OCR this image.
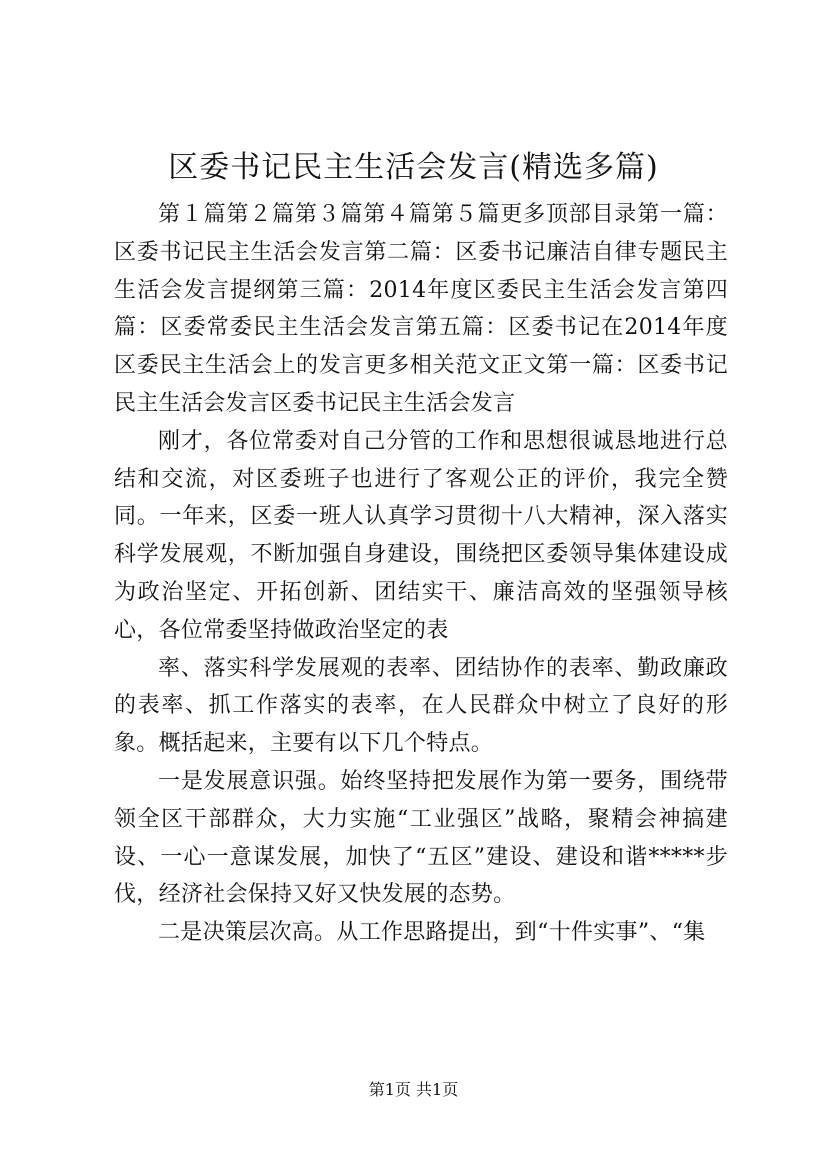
区委书记民主生活会发言(精选多篇)

第１篇第２篇第３篇第４篇第５篇更多顶部目录第一篇：区委书记民主生活会发言第二篇：区委书记廉洁自律专题民主生活会发言提纲第三篇：2014年度区委民主生活会发言第四篇：区委常委民主生活会发言第五篇：区委书记在2014年度区委民主生活会上的发言更多相关范文正文第一篇：区委书记民主生活会发言区委书记民主生活会发言

刚才，各位常委对自己分管的工作和思想很诚恳地进行总结和交流，对区委班子也进行了客观公正的评价，我完全赞同。一年来，区委一班人认真学习贯彻十八大精神，深入落实科学发展观，不断加强自身建设，围绕把区委领导集体建设成为政治坚定、开拓创新、团结实干、廉洁高效的坚强领导核心，各位常委坚持做政治坚定的表

率、落实科学发展观的表率、团结协作的表率、勤政廉政的表率、抓工作落实的表率，在人民群众中树立了良好的形象。概括起来，主要有以下几个特点。

一是发展意识强。始终坚持把发展作为第一要务，围绕带领全区干部群众，大力实施“工业强区”战略，聚精会神搞建设、一心一意谋发展，加快了“五区”建设、建设和谐*****步伐，经济社会保持又好又快发展的态势。

二是决策层次高。从工作思路提出，到“十件实事”、“集

第1页 共1页
